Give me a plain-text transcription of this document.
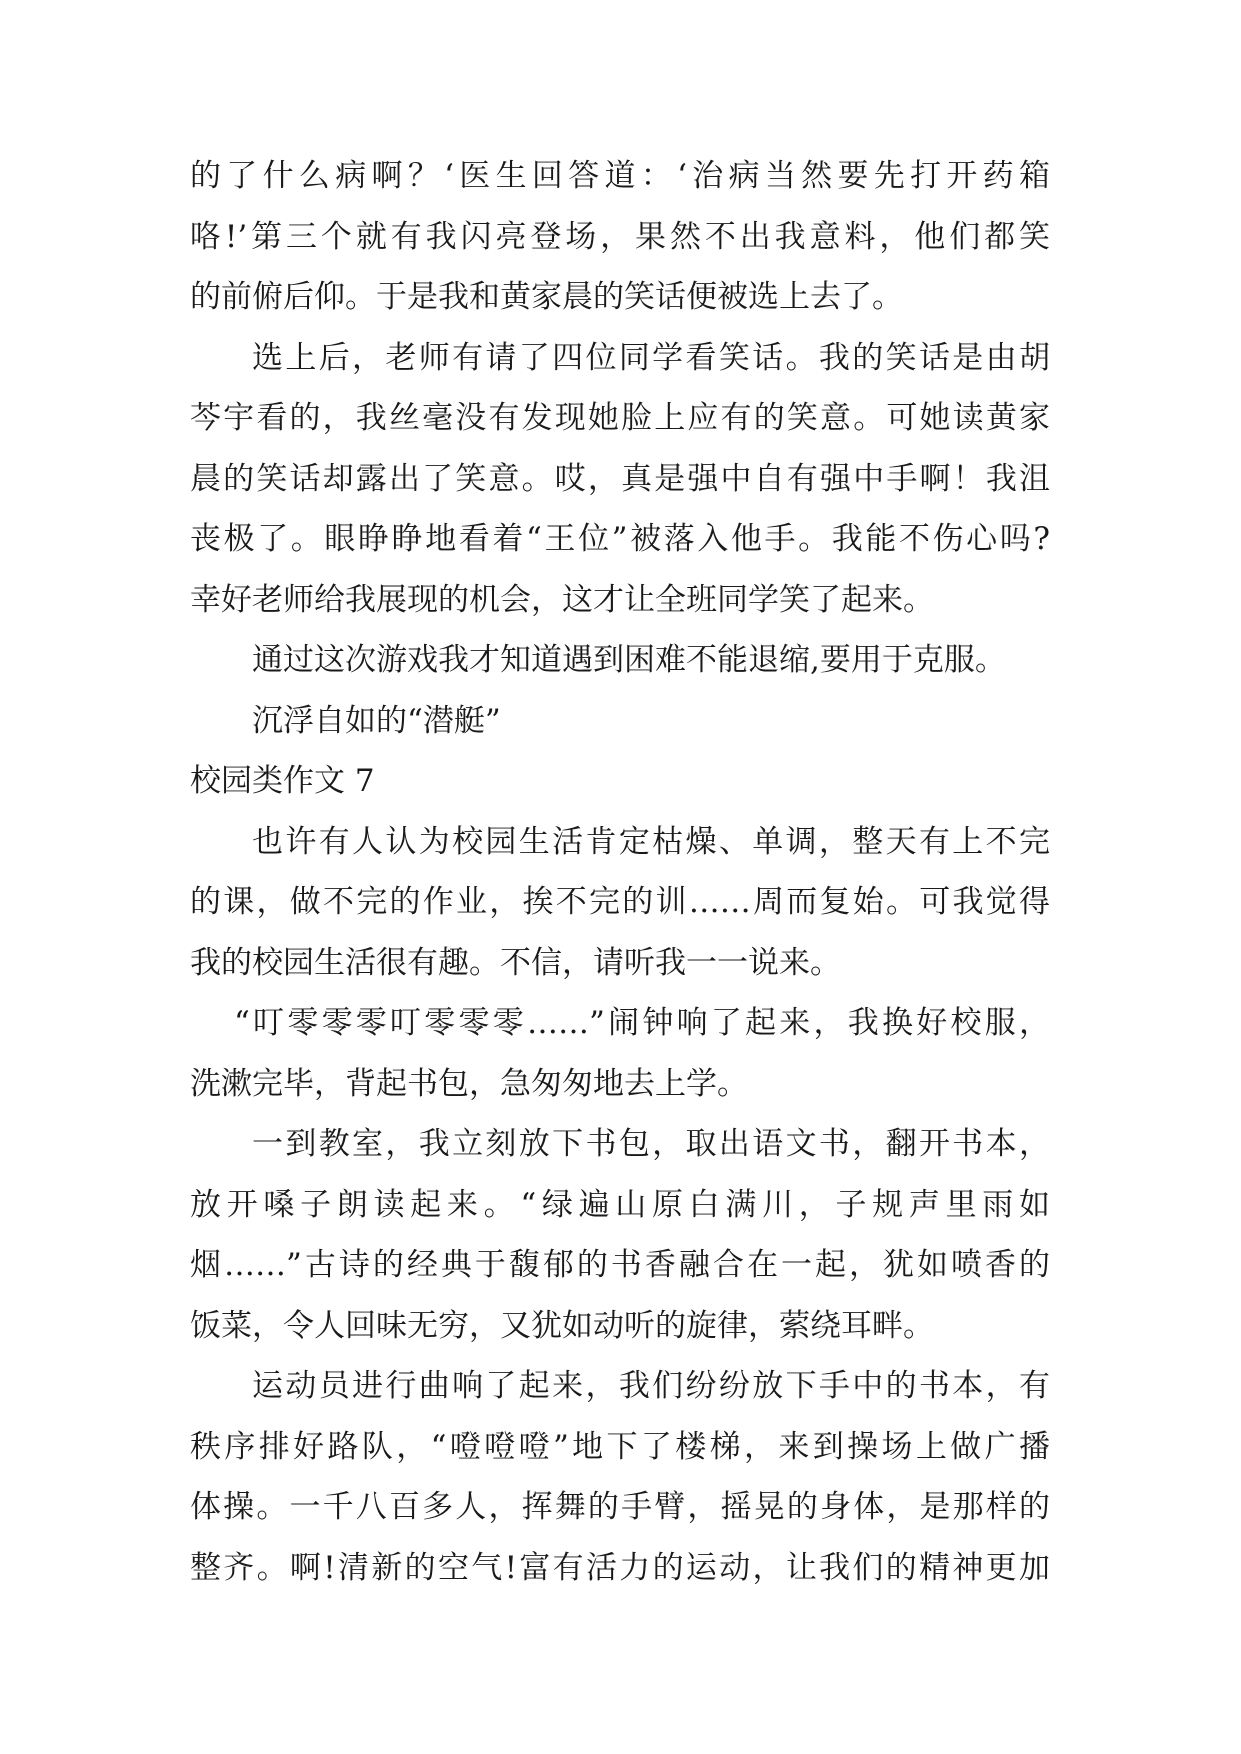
的了什么病啊？‘医生回答道：‘治病当然要先打开药箱
咯!’第三个就有我闪亮登场，果然不出我意料，他们都笑
的前俯后仰。于是我和黄家晨的笑话便被选上去了。
选上后，老师有请了四位同学看笑话。我的笑话是由胡
芩宇看的，我丝毫没有发现她脸上应有的笑意。可她读黄家
晨的笑话却露出了笑意。哎，真是强中自有强中手啊！我沮
丧极了。眼睁睁地看着“王位”被落入他手。我能不伤心吗?
幸好老师给我展现的机会，这才让全班同学笑了起来。
通过这次游戏我才知道遇到困难不能退缩,要用于克服。
沉浮自如的“潜艇”
校园类作文 7
也许有人认为校园生活肯定枯燥、单调，整天有上不完
的课，做不完的作业，挨不完的训……周而复始。可我觉得
我的校园生活很有趣。不信，请听我一一说来。
“叮零零零叮零零零……”闹钟响了起来，我换好校服，
洗漱完毕，背起书包，急匆匆地去上学。
一到教室，我立刻放下书包，取出语文书，翻开书本，
放开嗓子朗读起来。“绿遍山原白满川，子规声里雨如
烟……”古诗的经典于馥郁的书香融合在一起，犹如喷香的
饭菜，令人回味无穷，又犹如动听的旋律，萦绕耳畔。
运动员进行曲响了起来，我们纷纷放下手中的书本，有
秩序排好路队，“噔噔噔”地下了楼梯，来到操场上做广播
体操。一千八百多人，挥舞的手臂，摇晃的身体，是那样的
整齐。啊!清新的空气!富有活力的运动，让我们的精神更加
